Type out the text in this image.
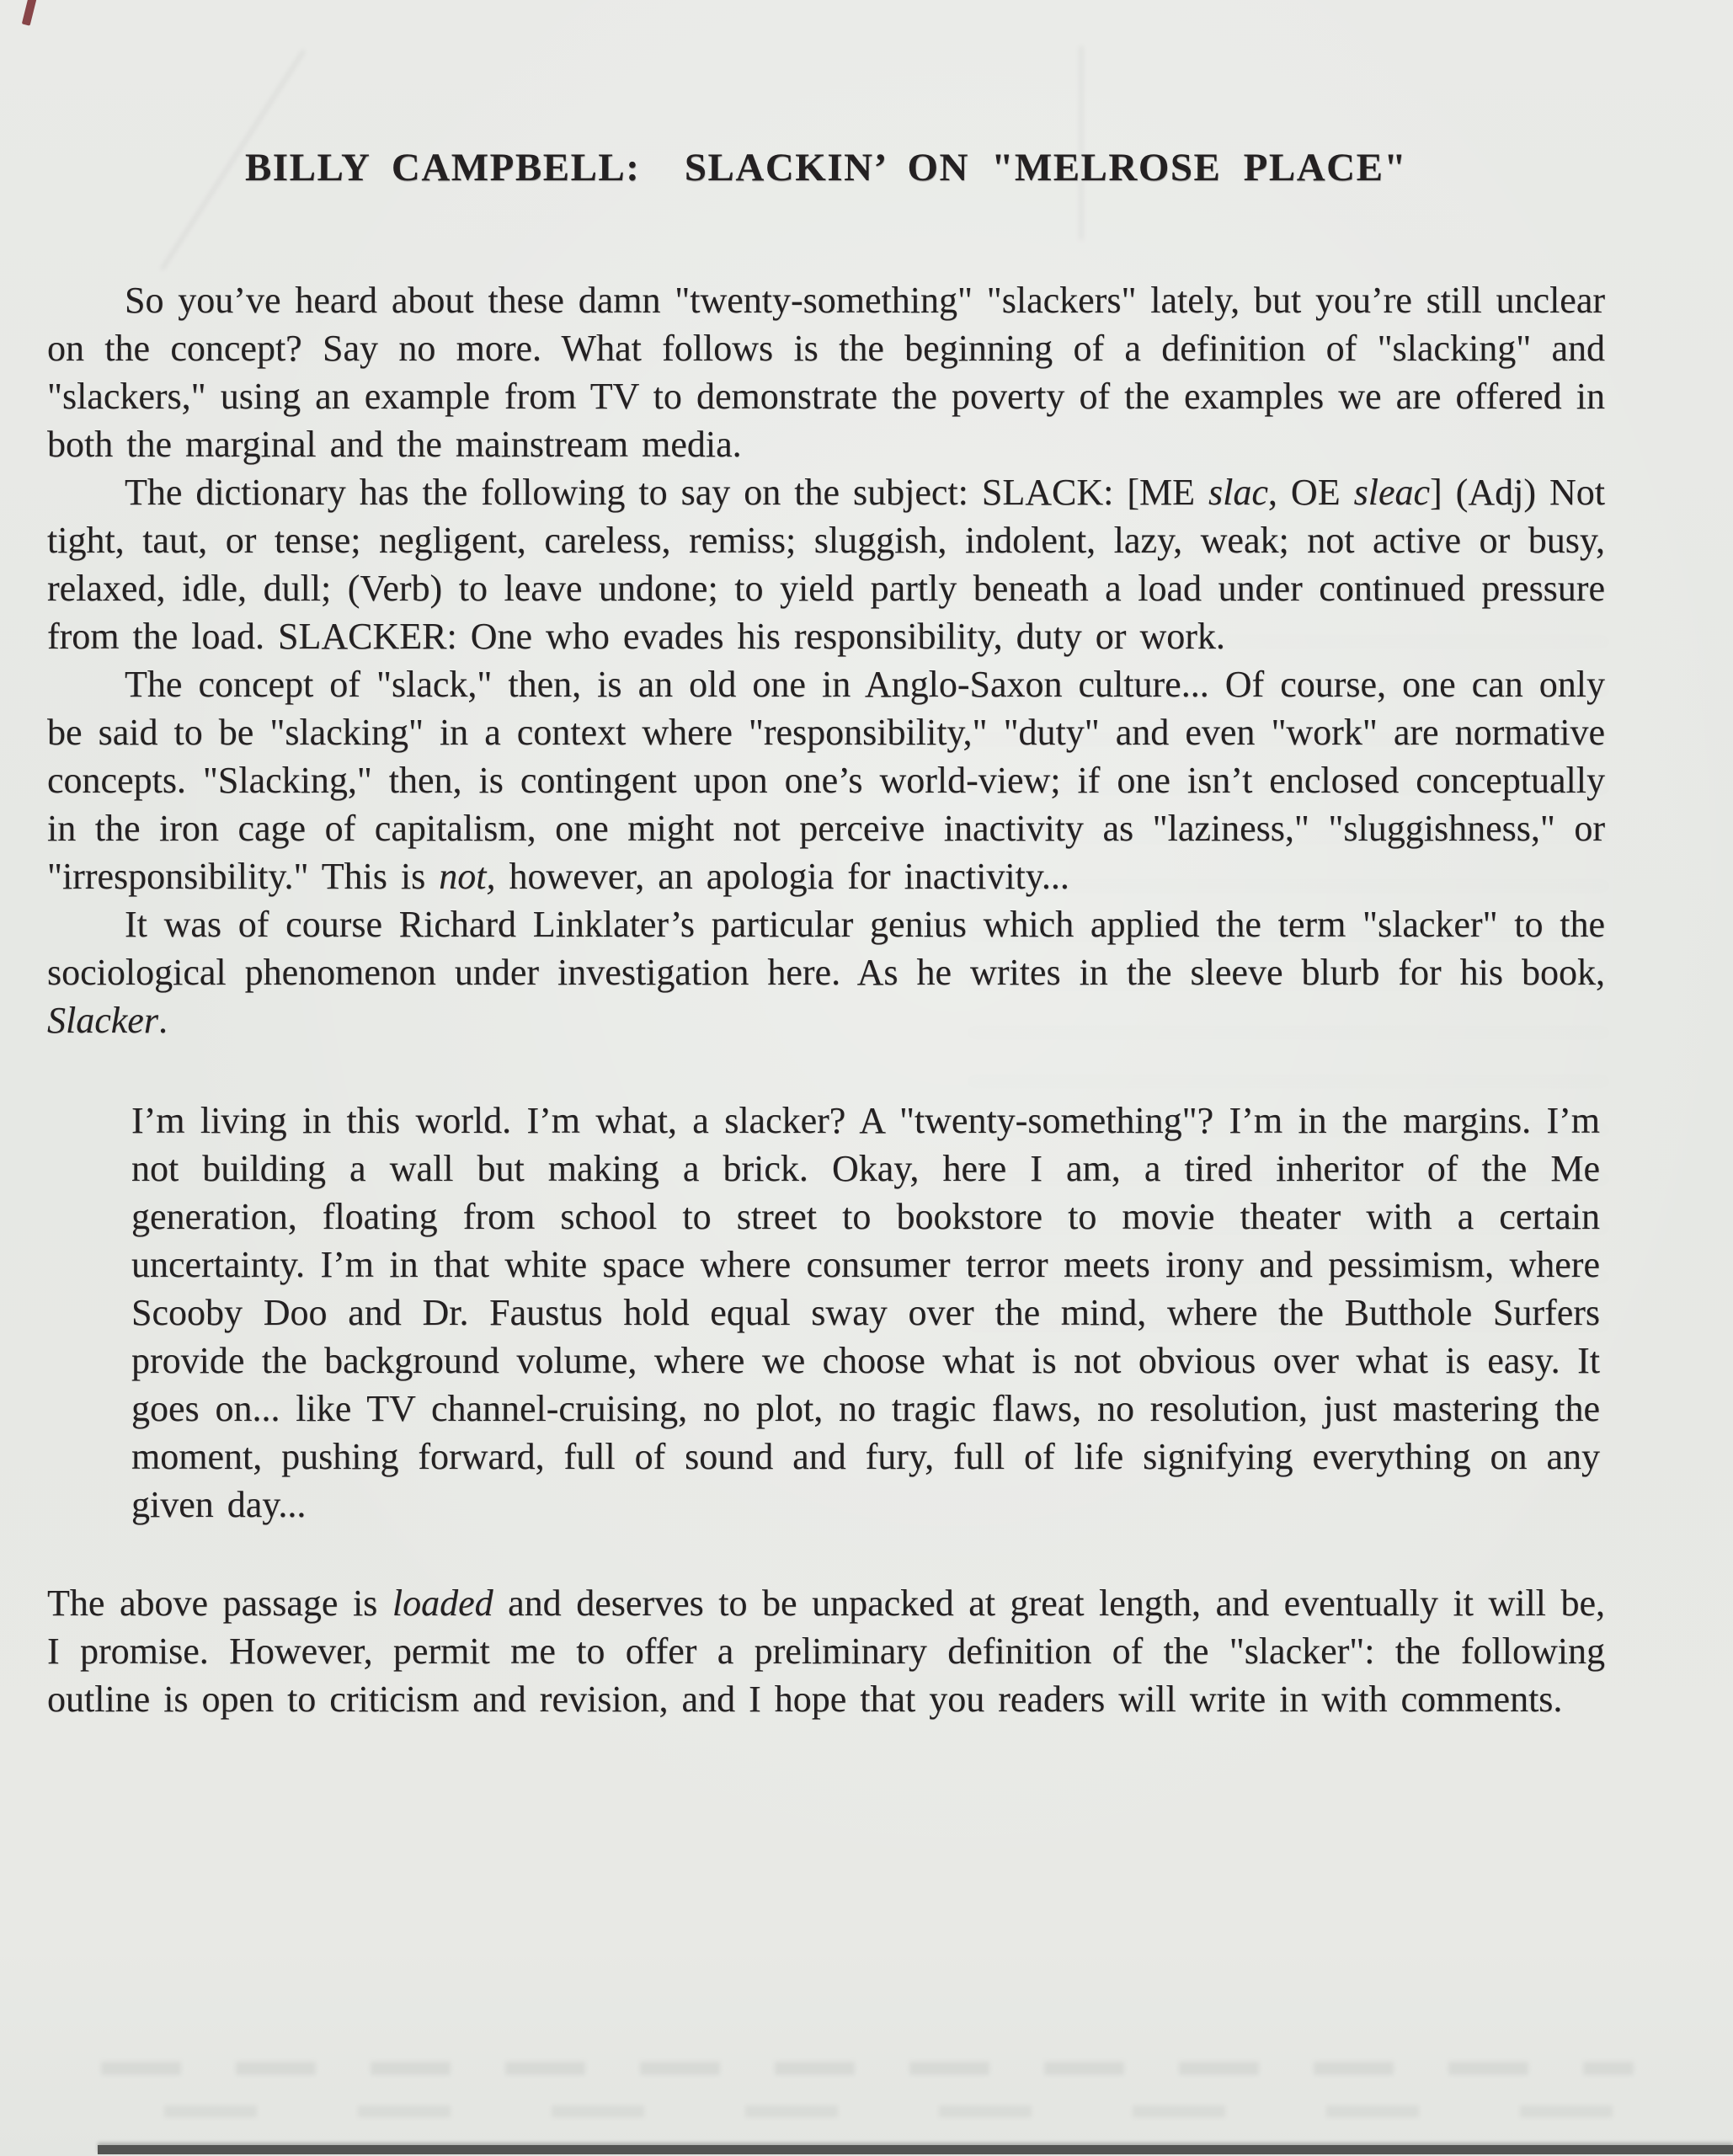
BILLY CAMPBELL:  SLACKIN’ ON "MELROSE PLACE"
So you’ve heard about these damn "twenty-something" "slackers" lately, but you’re still unclear on the concept? Say no more. What follows is the beginning of a definition of "slacking" and "slackers," using an example from TV to demonstrate the poverty of the examples we are offered in both the marginal and the mainstream media.
The dictionary has the following to say on the subject: SLACK: [ME slac, OE sleac] (Adj) Not tight, taut, or tense; negligent, careless, remiss; sluggish, indolent, lazy, weak; not active or busy, relaxed, idle, dull; (Verb) to leave undone; to yield partly beneath a load under continued pressure from the load. SLACKER: One who evades his responsibility, duty or work.
The concept of "slack," then, is an old one in Anglo-Saxon culture... Of course, one can only be said to be "slacking" in a context where "responsibility," "duty" and even "work" are normative concepts. "Slacking," then, is contingent upon one’s world-view; if one isn’t enclosed conceptually in the iron cage of capitalism, one might not perceive inactivity as "laziness," "sluggishness," or "irresponsibility." This is not, however, an apologia for inactivity...
It was of course Richard Linklater’s particular genius which applied the term "slacker" to the sociological phenomenon under investigation here. As he writes in the sleeve blurb for his book, Slacker.
I’m living in this world. I’m what, a slacker? A "twenty-something"? I’m in the margins. I’m not building a wall but making a brick. Okay, here I am, a tired inheritor of the Me generation, floating from school to street to bookstore to movie theater with a certain uncertainty. I’m in that white space where consumer terror meets irony and pessimism, where Scooby Doo and Dr. Faustus hold equal sway over the mind, where the Butthole Surfers provide the background volume, where we choose what is not obvious over what is easy. It goes on... like TV channel-cruising, no plot, no tragic flaws, no resolution, just mastering the moment, pushing forward, full of sound and fury, full of life signifying everything on any given day...
The above passage is loaded and deserves to be unpacked at great length, and eventually it will be, I promise. However, permit me to offer a preliminary definition of the "slacker": the following outline is open to criticism and revision, and I hope that you readers will write in with comments.
